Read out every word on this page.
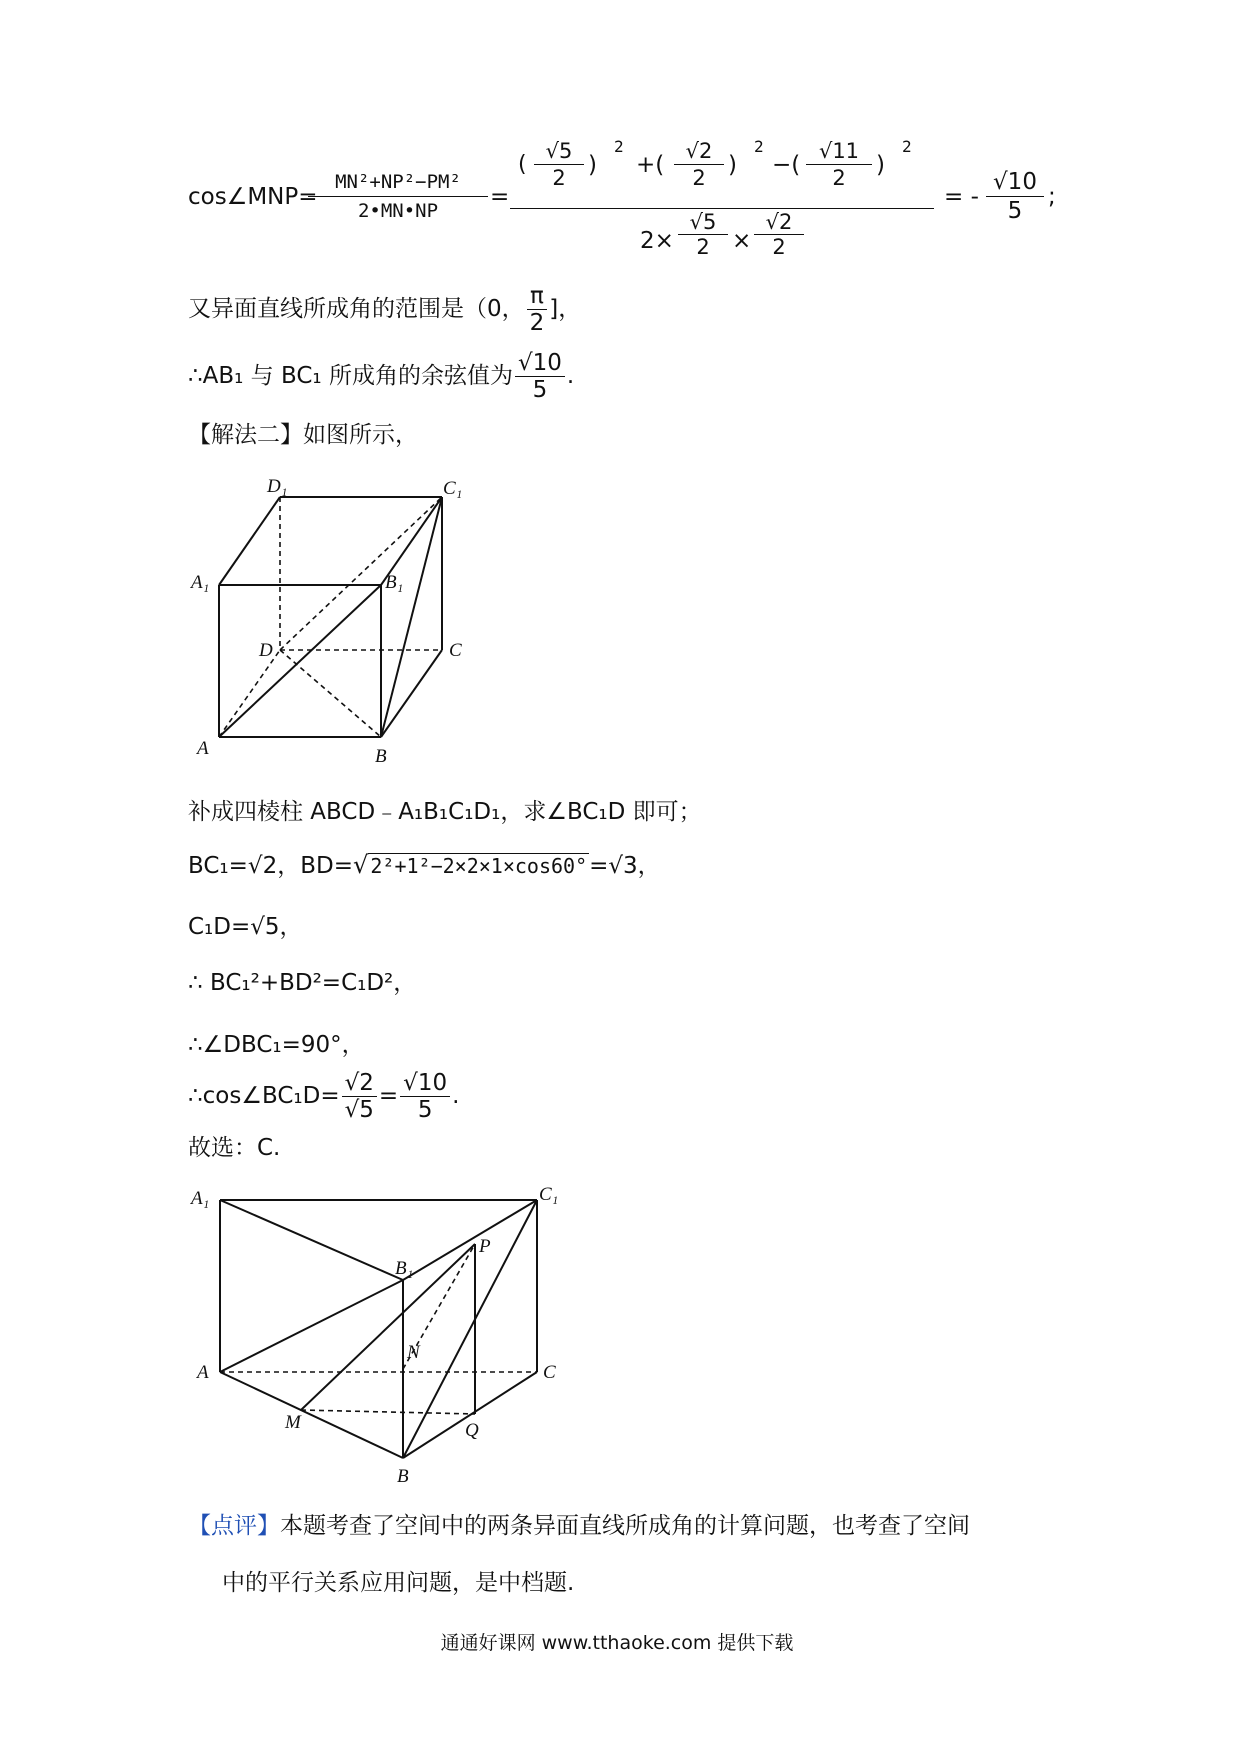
cos∠MNP=
$\frac{\text{MN²+NP²−PM²}}{2•MN•NP}$ =
(
√5
2 )
2
+(
√2
2 )
2
−(
√11
2	)
2
2×
√5
2 ×
√2
2
= - $\frac{√10}{5}$ ;
又异面直线所成角的范围是（0， $\frac{\pi}{2}$ ]，
∴AB₁ 与 BC₁ 所成角的余弦值为 $\frac{√10}{5}$ .
【解法二】如图所示，
D₁	C₁
A₁	B₁
D	C
A	B
补成四棱柱 ABCD﹣A₁B₁C₁D₁，求∠BC₁D 即可；
BC₁=√2，BD=√ 2²+1²−2×2×1×cos60°=√3，
C₁D=√5，
∴ BC₁²+BD²=C₁D²，
∴∠DBC₁=90°，
∴cos∠BC₁D= $\frac{√2}{√5} = \frac{√10}{5}$ .
故选：C.
A₁	C₁
B₁
P
N
A	C
M	Q
B
【点评】本题考查了空间中的两条异面直线所成角的计算问题，也考查了空间
中的平行关系应用问题，是中档题.
通通好课网 www.tthaoke.com 提供下载
